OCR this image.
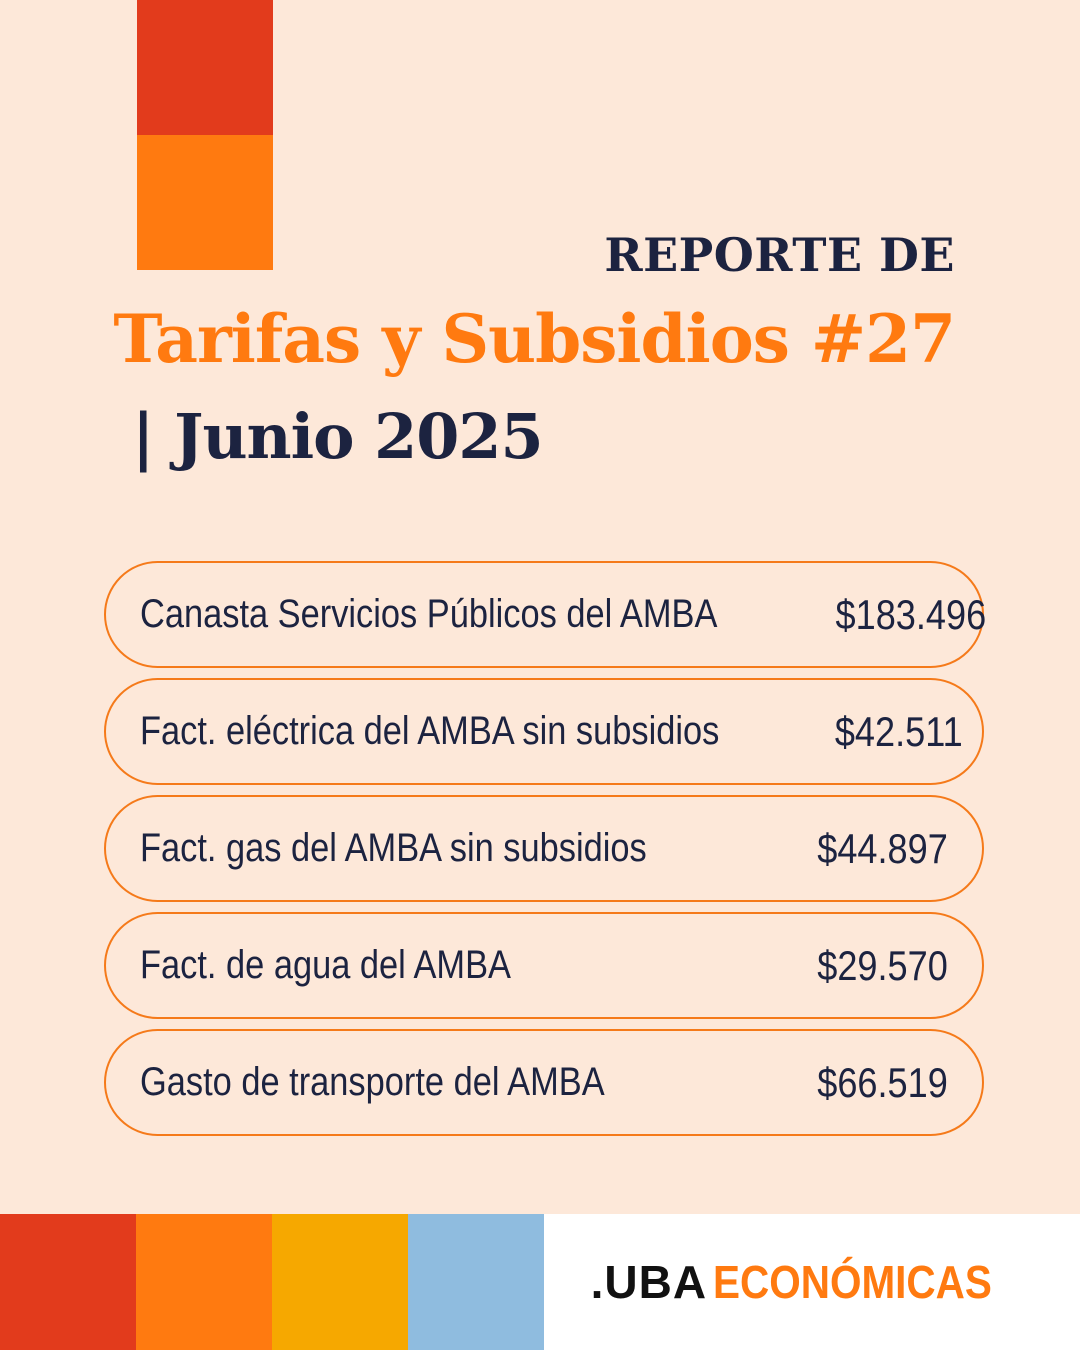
REPORTE DE
Tarifas y Subsidios #27
| Junio 2025
Canasta Servicios Públicos del AMBA	$183.496
Fact. eléctrica del AMBA sin subsidios	$42.511
Fact. gas del AMBA sin subsidios	$44.897
Fact. de agua del AMBA	$29.570
Gasto de transporte del AMBA	$66.519
.UBA ECONÓMICAS
